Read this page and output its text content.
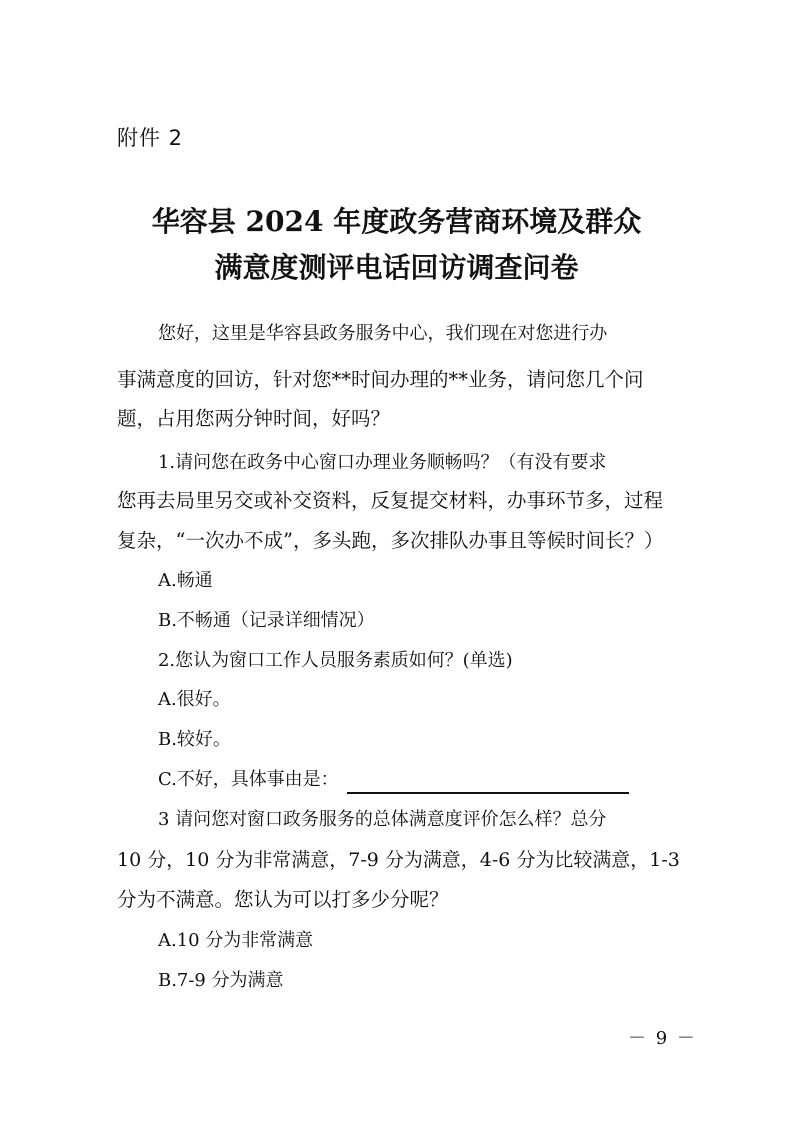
附件 2
华容县 2024 年度政务营商环境及群众
满意度测评电话回访调查问卷
您好，这里是华容县政务服务中心，我们现在对您进行办
事满意度的回访，针对您**时间办理的**业务，请问您几个问
题，占用您两分钟时间，好吗？
1.请问您在政务中心窗口办理业务顺畅吗？（有没有要求
您再去局里另交或补交资料，反复提交材料，办事环节多，过程
复杂，“一次办不成”，多头跑，多次排队办事且等候时间长？）
A.畅通
B.不畅通（记录详细情况）
2.您认为窗口工作人员服务素质如何？(单选)
A.很好。
B.较好。
C.不好，具体事由是：
3 请问您对窗口政务服务的总体满意度评价怎么样？总分
10 分，10 分为非常满意，7-9 分为满意，4-6 分为比较满意，1-3
分为不满意。您认为可以打多少分呢？
A.10 分为非常满意
B.7-9 分为满意
－ 9 －
